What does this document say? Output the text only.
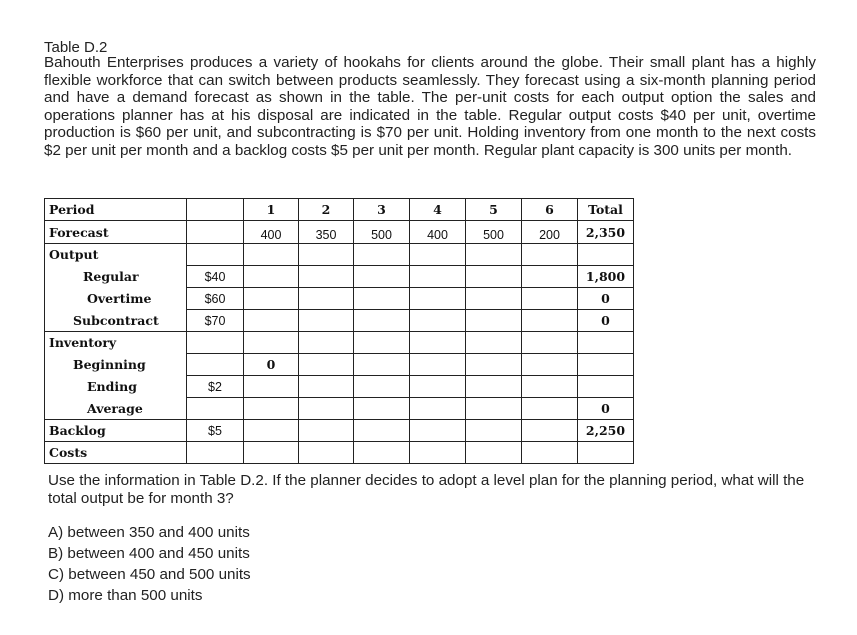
Table D.2
Bahouth Enterprises produces a variety of hookahs for clients around the globe. Their small plant has a highly flexible workforce that can switch between products seamlessly. They forecast using a six-month planning period and have a demand forecast as shown in the table. The per-unit costs for each output option the sales and operations planner has at his disposal are indicated in the table. Regular output costs $40 per unit, overtime production is $60 per unit, and subcontracting is $70 per unit. Holding inventory from one month to the next costs $2 per unit per month and a backlog costs $5 per unit per month. Regular plant capacity is 300 units per month.
Period		1	2	3	4	5	6	Total
Forecast		400	350	500	400	500	200	2,350
Output								
Regular	$40							1,800
Overtime	$60							0
Subcontract	$70							0
Inventory								
Beginning		0						
Ending	$2							
Average								0
Backlog	$5							2,250
Costs								
Use the information in Table D.2. If the planner decides to adopt a level plan for the planning period, what will the total output be for month 3?
A) between 350 and 400 units
B) between 400 and 450 units
C) between 450 and 500 units
D) more than 500 units
